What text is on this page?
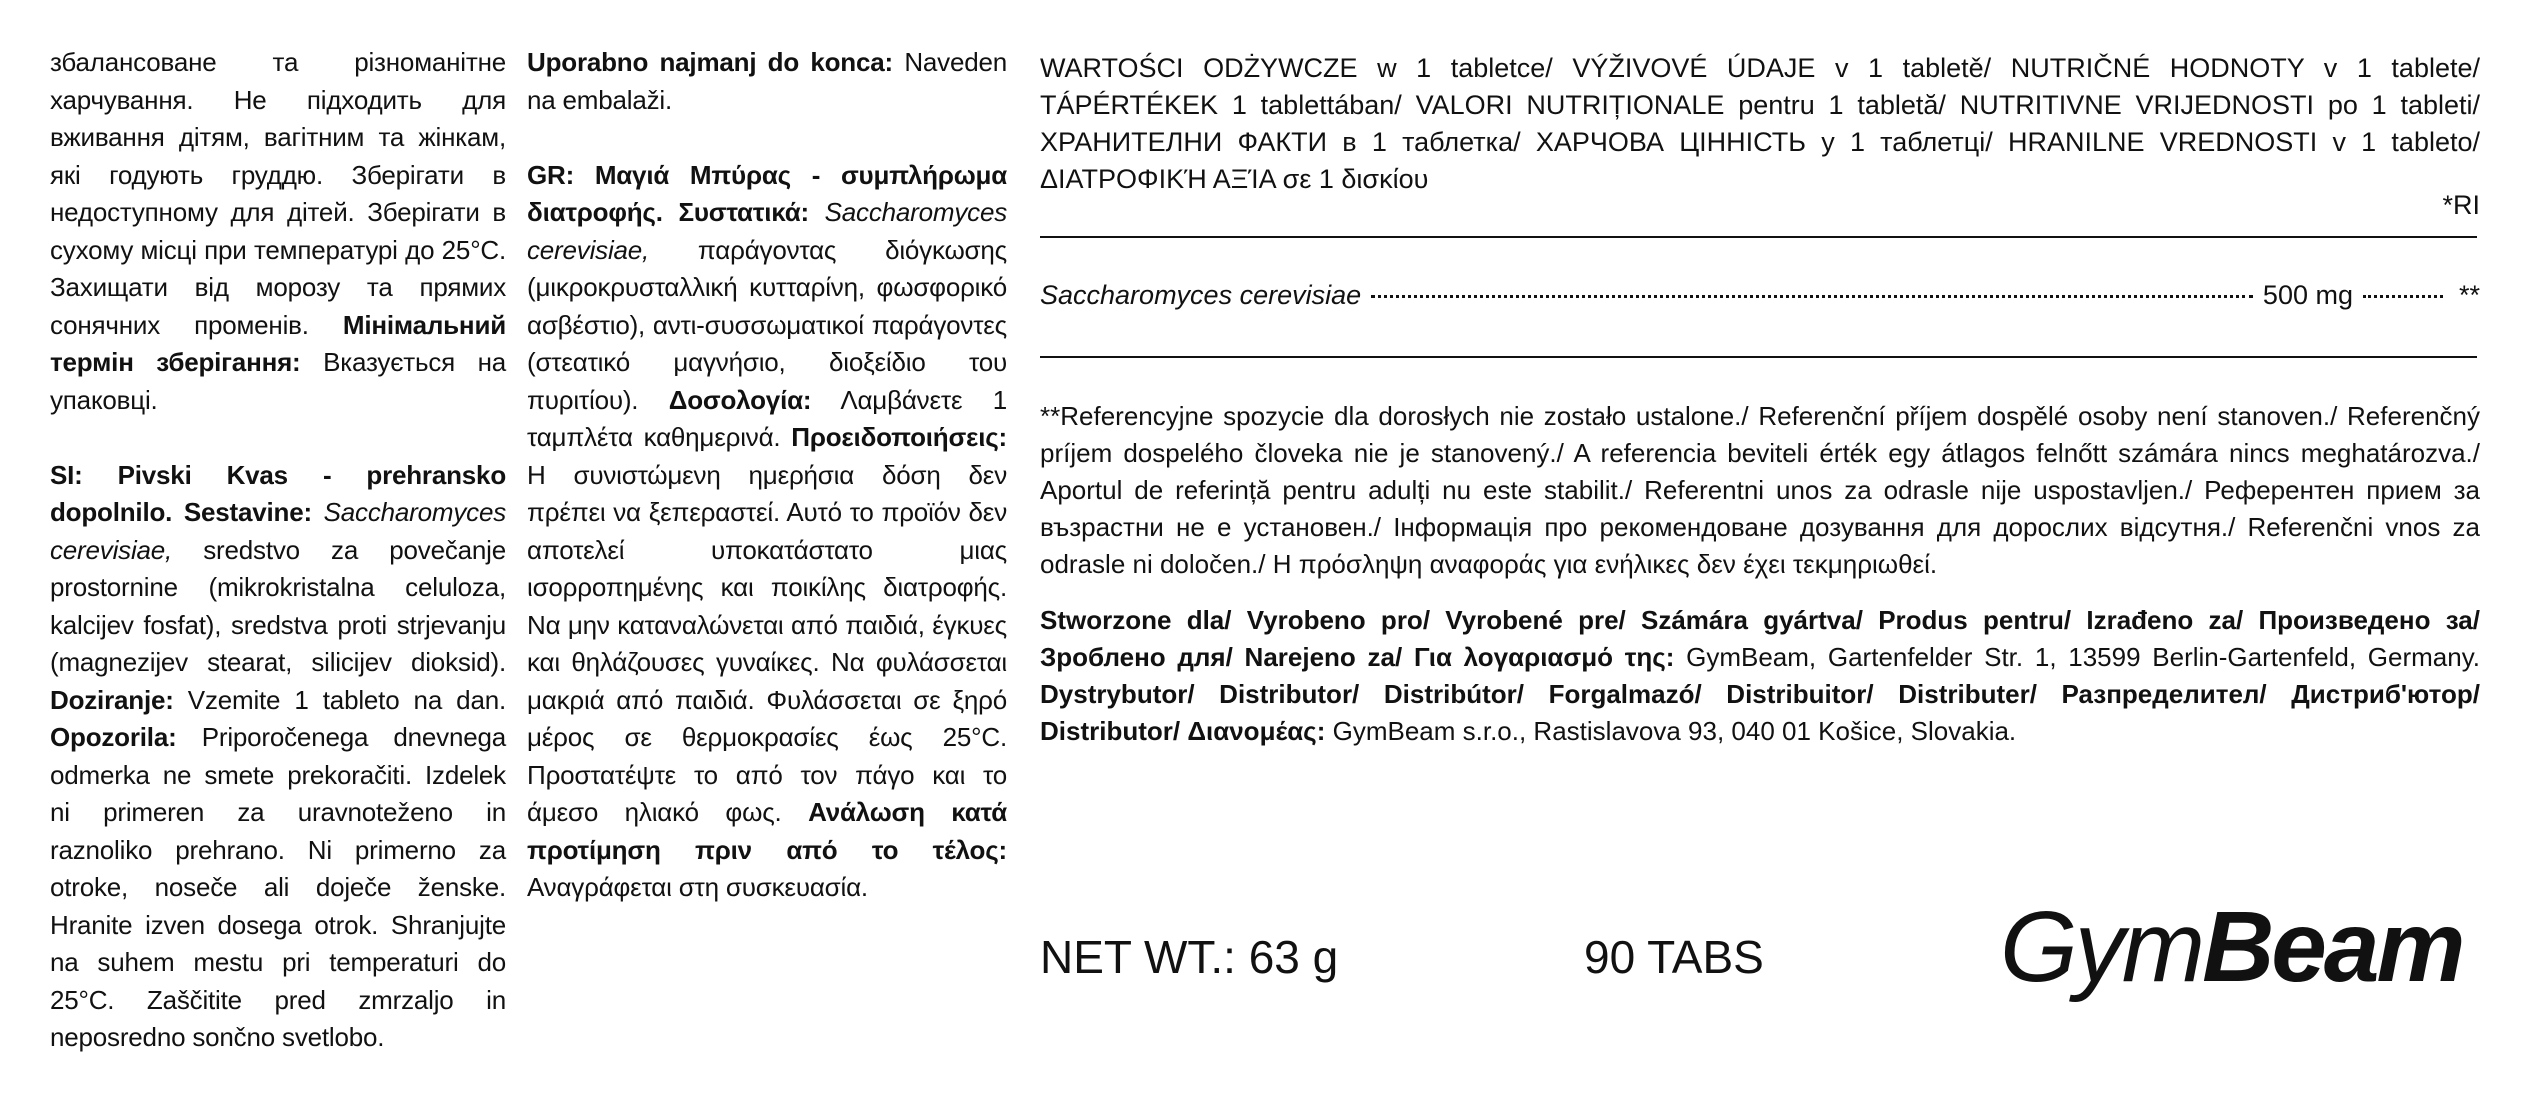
збалансоване та різноманітне харчування. Не підходить для вживання дітям, вагітним та жінкам, які годують груддю. Зберігати в недоступному для дітей. Зберігати в сухому місці при температурі до 25°C. Захищати від морозу та прямих сонячних променів. Мінімальний термін зберігання: Вказується на упаковці.

SI: Pivski Kvas - prehransko dopolnilo. Sestavine: Saccharomyces cerevisiae, sredstvo za povečanje prostornine (mikrokristalna celuloza, kalcijev fosfat), sredstva proti strjevanju (magnezijev stearat, silicijev dioksid). Doziranje: Vzemite 1 tableto na dan. Opozorila: Priporočenega dnevnega odmerka ne smete prekoračiti. Izdelek ni primeren za uravnoteženo in raznoliko prehrano. Ni primerno za otroke, noseče ali doječe ženske. Hranite izven dosega otrok. Shranjujte na suhem mestu pri temperaturi do 25°C. Zaščitite pred zmrzaljo in neposredno sončno svetlobo.

Uporabno najmanj do konca: Naveden na embalaži.

GR: Μαγιά Μπύρας - συμπλήρωμα διατροφής. Συστατικά: Saccharomyces cerevisiae, παράγοντας διόγκωσης (μικροκρυσταλλική κυτταρίνη, φωσφορικό ασβέστιο), αντι-συσσωματικοί παράγοντες (στεατικό μαγνήσιο, διοξείδιο του πυριτίου). Δοσολογία: Λαμβάνετε 1 ταμπλέτα καθημερινά. Προειδοποιήσεις: Η συνιστώμενη ημερήσια δόση δεν πρέπει να ξεπεραστεί. Αυτό το προϊόν δεν αποτελεί υποκατάστατο μιας ισορροπημένης και ποικίλης διατροφής. Να μην καταναλώνεται από παιδιά, έγκυες και θηλάζουσες γυναίκες. Να φυλάσσεται μακριά από παιδιά. Φυλάσσεται σε ξηρό μέρος σε θερμοκρασίες έως 25°C. Προστατέψτε το από τον πάγο και το άμεσο ηλιακό φως. Ανάλωση κατά προτίμηση πριν από το τέλος: Αναγράφεται στη συσκευασία.

WARTOŚCI ODŻYWCZE w 1 tabletce/ VÝŽIVOVÉ ÚDAJE v 1 tabletě/ NUTRIČNÉ HODNOTY v 1 tablete/ TÁPÉRTÉKEK 1 tablettában/ VALORI NUTRIȚIONALE pentru 1 tabletă/ NUTRITIVNE VRIJEDNOSTI po 1 tableti/ ХРАНИТЕЛНИ ФАКТИ в 1 таблетка/ ХАРЧОВА ЦІННІСТЬ у 1 таблетці/ HRANILNE VREDNOSTI v 1 tableto/ ΔΙΑΤΡΟΦΙΚΉ ΑΞΊΑ σε 1 δισκίου
*RI
Saccharomyces cerevisiae	500 mg	**
**Referencyjne spozycie dla dorosłych nie zostało ustalone./ Referenční příjem dospělé osoby není stanoven./ Referenčný príjem dospelého človeka nie je stanovený./ A referencia beviteli érték egy átlagos felnőtt számára nincs meghatározva./ Aportul de referință pentru adulți nu este stabilit./ Referentni unos za odrasle nije uspostavljen./ Референтен прием за възрастни не е установен./ Інформація про рекомендоване дозування для дорослих відсутня./ Referenčni vnos za odrasle ni določen./ Η πρόσληψη αναφοράς για ενήλικες δεν έχει τεκμηριωθεί.
Stworzone dla/ Vyrobeno pro/ Vyrobené pre/ Számára gyártva/ Produs pentru/ Izrađeno za/ Произведено за/ Зроблено для/ Narejeno za/ Για λογαριασμό της: GymBeam, Gartenfelder Str. 1, 13599 Berlin-Gartenfeld, Germany. Dystrybutor/ Distributor/ Distribútor/ Forgalmazó/ Distribuitor/ Distributer/ Разпределител/ Дистриб'ютор/ Distributor/ Διανομέας: GymBeam s.r.o., Rastislavova 93, 040 01 Košice, Slovakia.
NET WT.: 63 g	90 TABS GymBeam
